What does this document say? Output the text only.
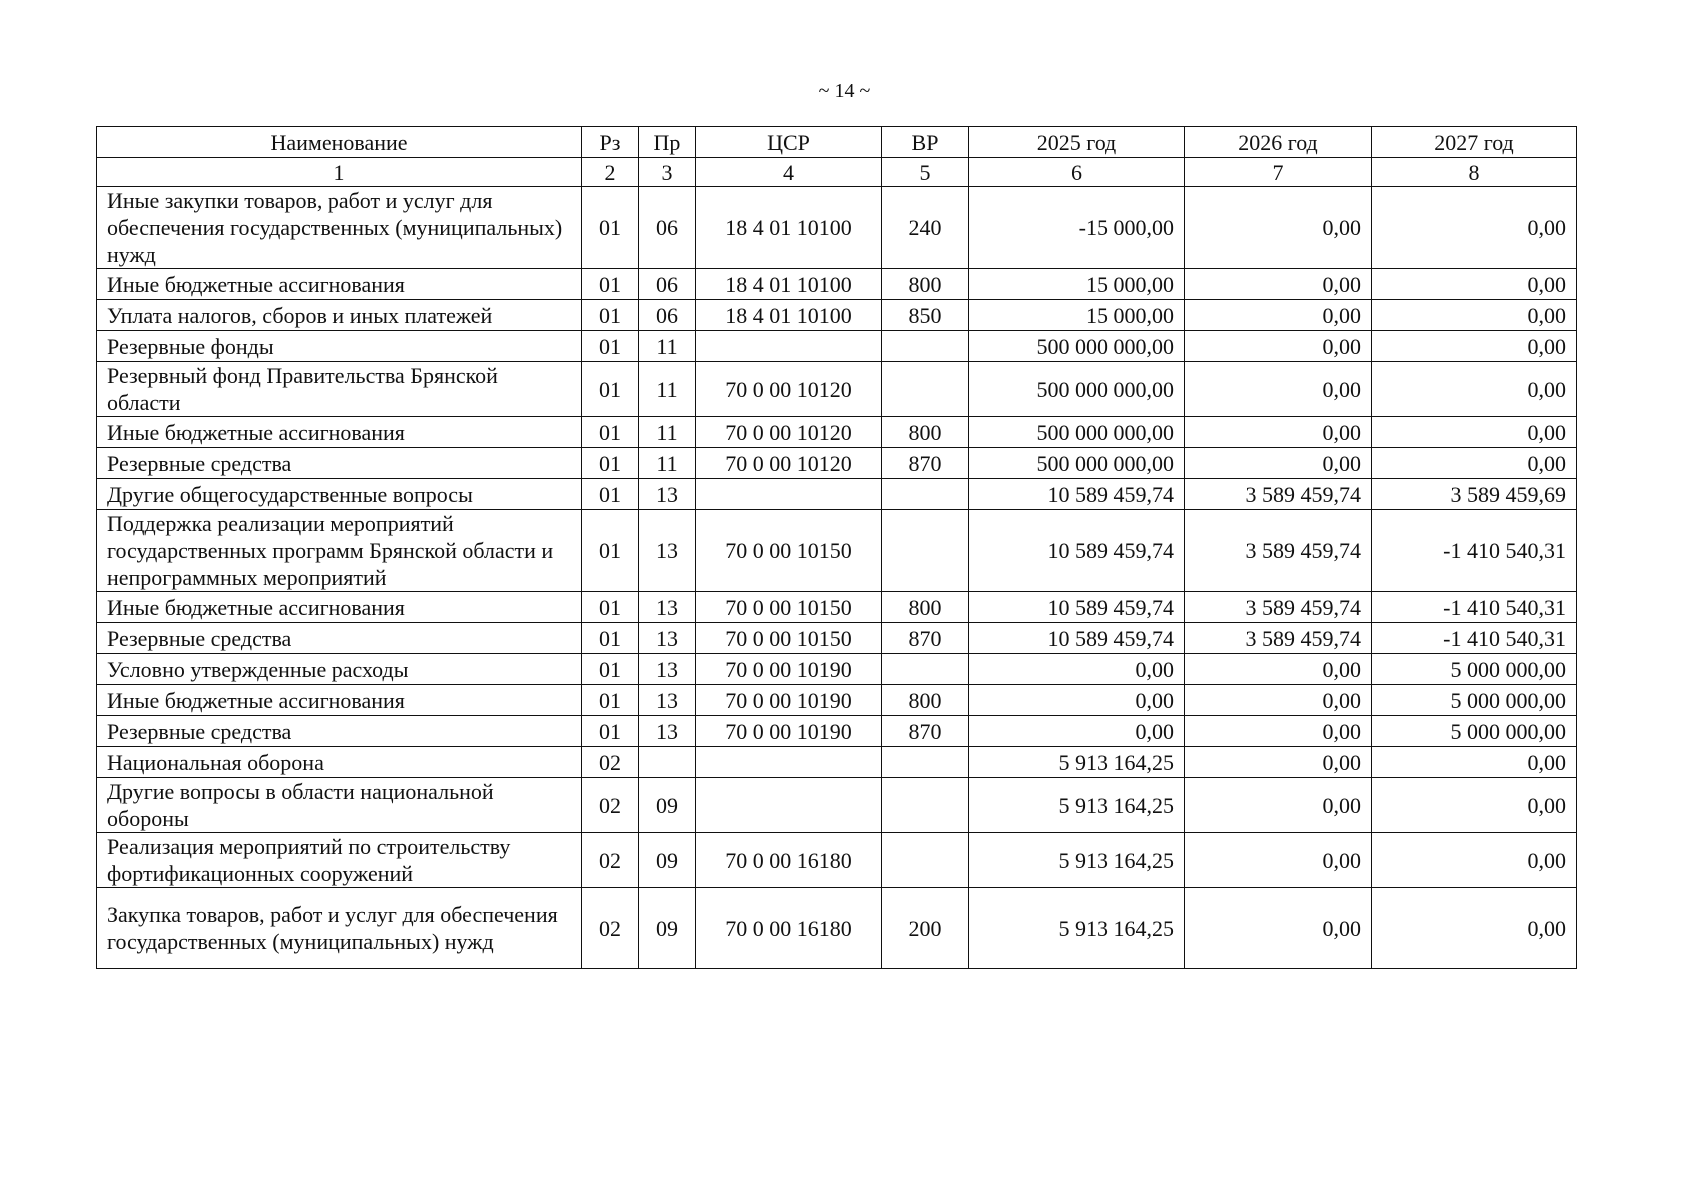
~ 14 ~
Наименование	Рз	Пр	ЦСР	ВР	2025 год	2026 год	2027 год
1	2	3	4	5	6	7	8
Иные закупки товаров, работ и услуг для обеспечения государственных (муниципальных) нужд	01	06	18 4 01 10100	240	-15 000,00	0,00	0,00
Иные бюджетные ассигнования	01	06	18 4 01 10100	800	15 000,00	0,00	0,00
Уплата налогов, сборов и иных платежей	01	06	18 4 01 10100	850	15 000,00	0,00	0,00
Резервные фонды	01	11			500 000 000,00	0,00	0,00
Резервный фонд Правительства Брянской области	01	11	70 0 00 10120		500 000 000,00	0,00	0,00
Иные бюджетные ассигнования	01	11	70 0 00 10120	800	500 000 000,00	0,00	0,00
Резервные средства	01	11	70 0 00 10120	870	500 000 000,00	0,00	0,00
Другие общегосударственные вопросы	01	13			10 589 459,74	3 589 459,74	3 589 459,69
Поддержка реализации мероприятий государственных программ Брянской области и непрограммных мероприятий	01	13	70 0 00 10150		10 589 459,74	3 589 459,74	-1 410 540,31
Иные бюджетные ассигнования	01	13	70 0 00 10150	800	10 589 459,74	3 589 459,74	-1 410 540,31
Резервные средства	01	13	70 0 00 10150	870	10 589 459,74	3 589 459,74	-1 410 540,31
Условно утвержденные расходы	01	13	70 0 00 10190		0,00	0,00	5 000 000,00
Иные бюджетные ассигнования	01	13	70 0 00 10190	800	0,00	0,00	5 000 000,00
Резервные средства	01	13	70 0 00 10190	870	0,00	0,00	5 000 000,00
Национальная оборона	02				5 913 164,25	0,00	0,00
Другие вопросы в области национальной обороны	02	09			5 913 164,25	0,00	0,00
Реализация мероприятий по строительству фортификационных сооружений	02	09	70 0 00 16180		5 913 164,25	0,00	0,00
Закупка товаров, работ и услуг для обеспечения государственных (муниципальных) нужд	02	09	70 0 00 16180	200	5 913 164,25	0,00	0,00
